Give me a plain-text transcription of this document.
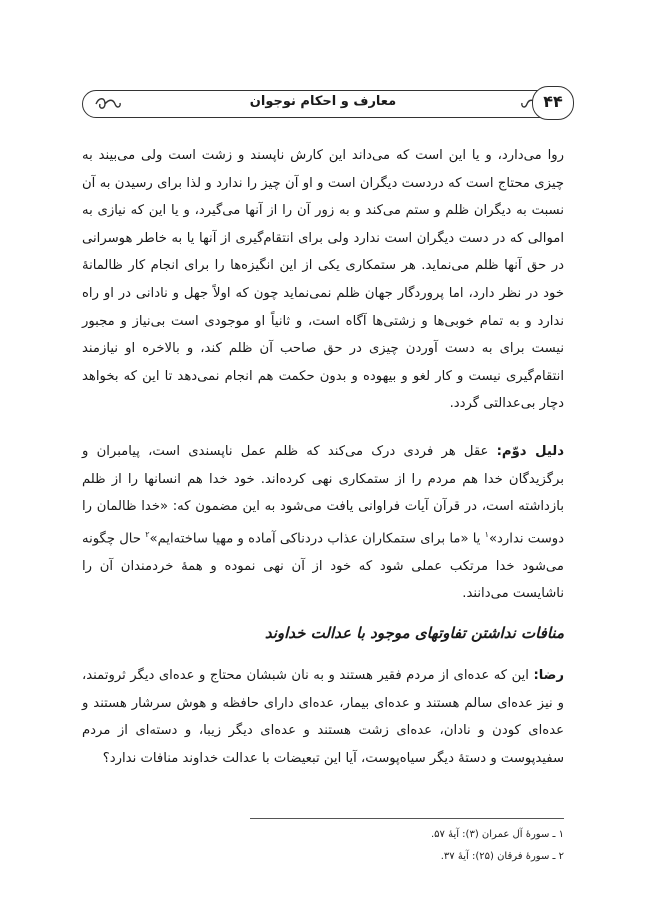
معارف و احکام نوجوان	۴۴
روا می‌دارد، و یا این است که می‌داند این کارش ناپسند و زشت است ولی می‌بیند به چیزی محتاج است که دردست دیگران است و او آن چیز را ندارد و لذا برای رسیدن به آن نسبت به دیگران ظلم و ستم می‌کند و به زور آن را از آنها می‌گیرد، و یا این که نیازی به اموالی که در دست دیگران است ندارد ولی برای انتقام‌گیری از آنها یا به خاطر هوسرانی در حق آنها ظلم می‌نماید. هر ستمکاری یکی از این انگیزه‌ها را برای انجام کار ظالمانهٔ خود در نظر دارد، اما پروردگار جهان ظلم نمی‌نماید چون که اولاً جهل و نادانی در او راه ندارد و به تمام خوبی‌ها و زشتی‌ها آگاه است، و ثانیاً او موجودی است بی‌نیاز و مجبور نیست برای به دست آوردن چیزی در حق صاحب آن ظلم کند، و بالاخره او نیازمند انتقام‌گیری نیست و کار لغو و بیهوده و بدون حکمت هم انجام نمی‌دهد تا این که بخواهد دچار بی‌عدالتی گردد.
دلیل دوّم: عقل هر فردی درک می‌کند که ظلم عمل ناپسندی است، پیامبران و برگزیدگان خدا هم مردم را از ستمکاری نهی کرده‌اند. خود خدا هم انسانها را از ظلم بازداشته است، در قرآن آیات فراوانی یافت می‌شود به این مضمون که: «خدا ظالمان را دوست ندارد»$^۱$ یا «ما برای ستمکاران عذاب دردناکی آماده و مهیا ساخته‌ایم»$^۲$ حال چگونه می‌شود خدا مرتکب عملی شود که خود از آن نهی نموده و همهٔ خردمندان آن را ناشایست می‌دانند.
منافات نداشتن تفاوتهای موجود با عدالت خداوند
رضا: این که عده‌ای از مردم فقیر هستند و به نان شبشان محتاج و عده‌ای دیگر ثروتمند، و نیز عده‌ای سالم هستند و عده‌ای بیمار، عده‌ای دارای حافظه و هوش سرشار هستند و عده‌ای کودن و نادان، عده‌ای زشت هستند و عده‌ای دیگر زیبا، و دسته‌ای از مردم سفیدپوست و دستهٔ دیگر سیاه‌پوست، آیا این تبعیضات با عدالت خداوند منافات ندارد؟
۱ ـ سورهٔ آل عمران (۳): آیهٔ ۵۷.
۲ ـ سورهٔ فرقان (۲۵): آیهٔ ۳۷.
